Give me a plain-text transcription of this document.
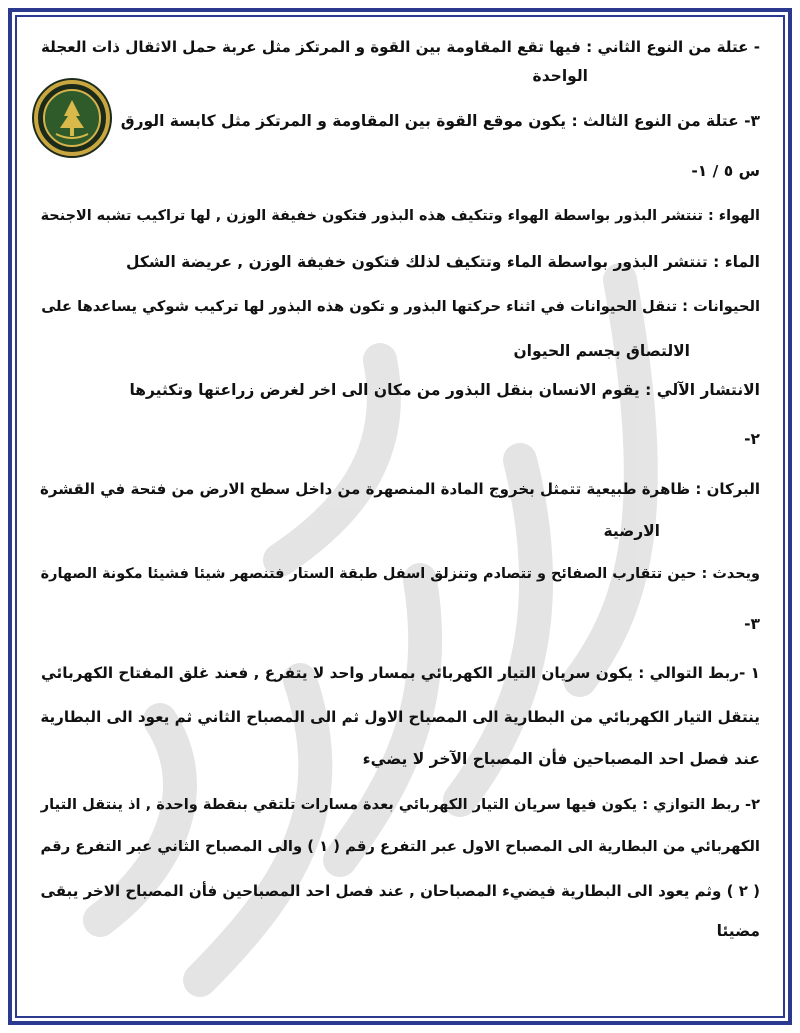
- عتلة من النوع الثاني : فيها تقع المقاومة بين القوة و المرتكز مثل عربة حمل الاثقال ذات العجلة
الواحدة
٣- عتلة من النوع الثالث : يكون موقع القوة بين المقاومة و المرتكز مثل كابسة الورق
س ٥ / ١-
الهواء : تنتشر البذور بواسطة الهواء وتتكيف هذه البذور فتكون خفيفة الوزن , لها تراكيب تشبه الاجنحة
الماء : تنتشر البذور بواسطة الماء وتتكيف لذلك فتكون خفيفة الوزن , عريضة الشكل
الحيوانات : تنقل الحيوانات في اثناء حركتها البذور و تكون هذه البذور لها تركيب شوكي يساعدها على
الالتصاق بجسم الحيوان
الانتشار الآلي : يقوم الانسان بنقل البذور من مكان الى اخر لغرض زراعتها وتكثيرها
٢-
البركان : ظاهرة طبيعية تتمثل بخروج المادة المنصهرة من داخل سطح الارض من فتحة في القشرة
الارضية
ويحدث : حين تتقارب الصفائح و تتصادم وتنزلق اسفل طبقة الستار فتنصهر شيئا فشيئا مكونة الصهارة
٣-
١ -ربط التوالي : يكون سريان التيار الكهربائي بمسار واحد لا يتفرع , فعند غلق المفتاح الكهربائي
ينتقل التيار الكهربائي من البطارية الى المصباح الاول ثم الى المصباح الثاني ثم يعود الى البطارية
عند فصل احد المصباحين فأن المصباح الآخر لا يضيء
٢- ربط التوازي : يكون فيها سريان التيار الكهربائي بعدة مسارات تلتقي بنقطة واحدة , اذ ينتقل التيار
الكهربائي من البطارية الى المصباح الاول عبر التفرع رقم ( ١ ) والى المصباح الثاني عبر التفرع رقم
( ٢ ) وثم يعود الى البطارية فيضيء المصباحان , عند فصل احد المصباحين فأن المصباح الاخر يبقى
مضيئا
